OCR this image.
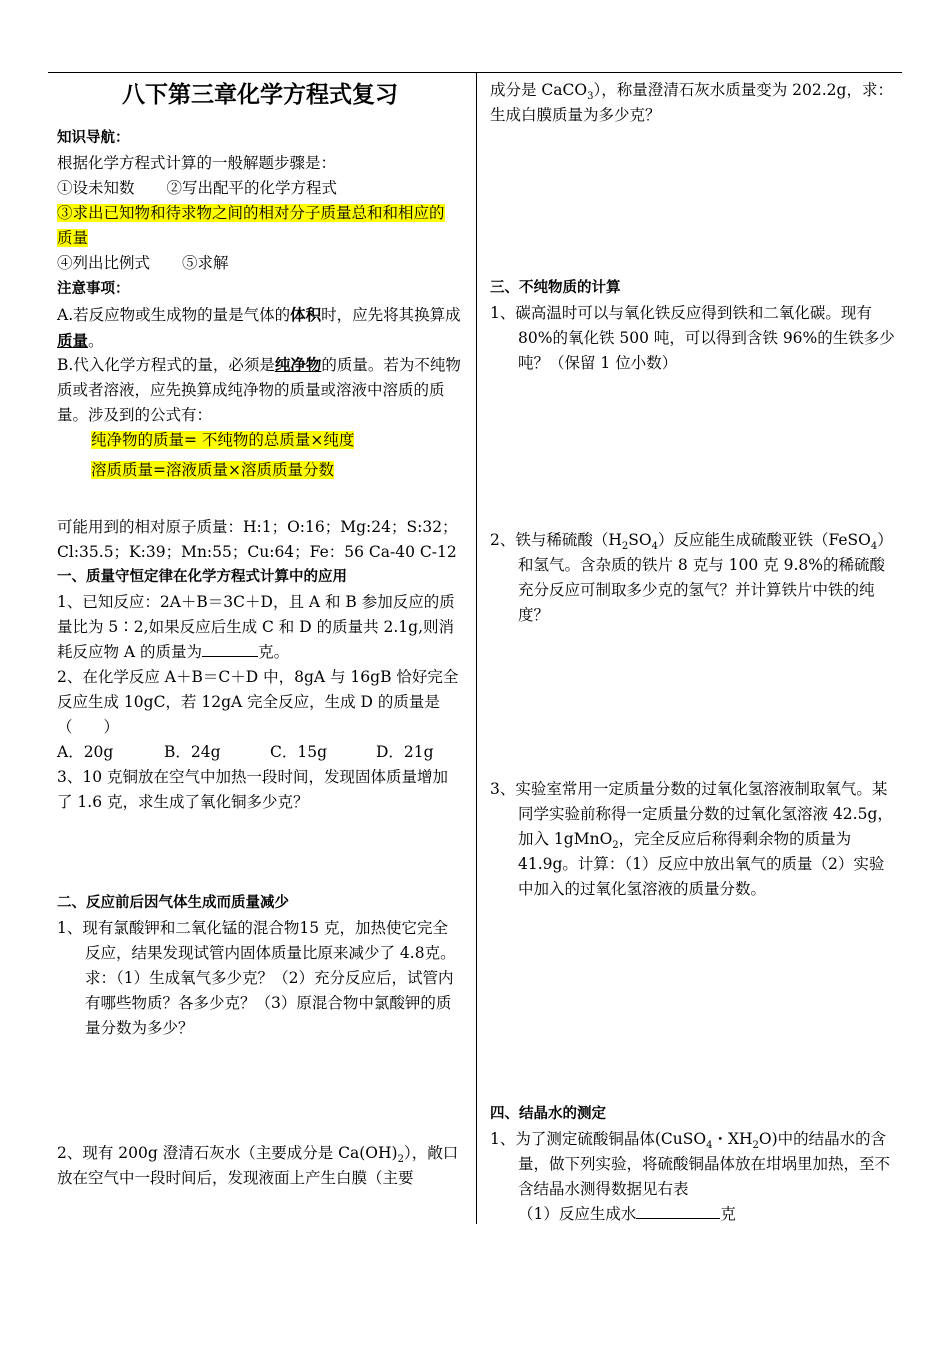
八下第三章化学方程式复习
知识导航：
根据化学方程式计算的一般解题步骤是：
①设未知数 ②写出配平的化学方程式
③求出已知物和待求物之间的相对分子质量总和和相应的质量
④列出比例式 ⑤求解
注意事项：
A.若反应物或生成物的量是气体的体积时，应先将其换算成质量。
B.代入化学方程式的量，必须是纯净物的质量。若为不纯物质或者溶液，应先换算成纯净物的质量或溶液中溶质的质量。涉及到的公式有：
纯净物的质量= 不纯物的总质量×纯度
溶质质量=溶液质量×溶质质量分数
可能用到的相对原子质量：H:1；O:16；Mg:24；S:32；Cl:35.5；K:39；Mn:55；Cu:64；Fe：56 Ca-40 C-12
一、质量守恒定律在化学方程式计算中的应用
1、已知反应：2A＋B＝3C＋D，且 A 和 B 参加反应的质量比为 5∶2,如果反应后生成 C 和 D 的质量共 2.1g,则消耗反应物 A 的质量为	克。
2、在化学反应 A＋B＝C＋D 中，8gA 与 16gB 恰好完全反应生成 10gC，若 12gA 完全反应，生成 D 的质量是（　　）
A．20g	B．24g	C．15g	D．21g
3、10 克铜放在空气中加热一段时间，发现固体质量增加了 1.6 克，求生成了氧化铜多少克？
二、反应前后因气体生成而质量减少
1、现有氯酸钾和二氧化锰的混合物15 克，加热使它完全反应，结果发现试管内固体质量比原来减少了 4.8克。求：（1）生成氧气多少克？（2）充分反应后，试管内有哪些物质？各多少克？（3）原混合物中氯酸钾的质量分数为多少？
2、现有 200g 澄清石灰水（主要成分是 $Ca(OH)_2$），敞口放在空气中一段时间后，发现液面上产生白膜（主要
成分是 CaCO$_3$），称量澄清石灰水质量变为 202.2g，求：生成白膜质量为多少克？
三、不纯物质的计算
1、碳高温时可以与氧化铁反应得到铁和二氧化碳。现有 80%的氧化铁 500 吨，可以得到含铁 96%的生铁多少吨？（保留 1 位小数）
2、铁与稀硫酸$(H_2SO_4)$反应能生成硫酸亚铁（FeSO$_4$）和氢气。含杂质的铁片 8 克与 100 克 9.8%的稀硫酸充分反应可制取多少克的氢气？并计算铁片中铁的纯度？
3、实验室常用一定质量分数的过氧化氢溶液制取氧气。某同学实验前称得一定质量分数的过氧化氢溶液 42.5g，加入 1gMnO$_2$，完全反应后称得剩余物的质量为 41.9g。计算：（1）反应中放出氧气的质量（2）实验中加入的过氧化氢溶液的质量分数。
四、结晶水的测定
1、为了测定硫酸铜晶体(CuSO$_4$・$XH_2O$)中的结晶水的含量，做下列实验，将硫酸铜晶体放在坩埚里加热，至不含结晶水测得数据见右表
（1）反应生成水	克
